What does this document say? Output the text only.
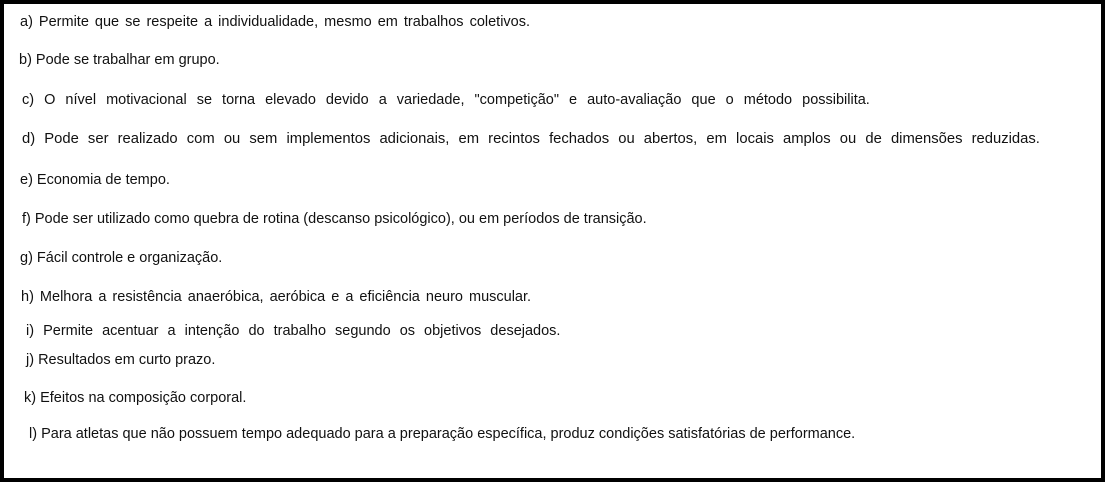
a) Permite que se respeite a individualidade, mesmo em trabalhos coletivos.

b) Pode se trabalhar em grupo.

c) O nível motivacional se torna elevado devido a variedade, "competição" e auto-avaliação que o método possibilita.

d) Pode ser realizado com ou sem implementos adicionais, em recintos fechados ou abertos, em locais amplos ou de dimensões reduzidas.

e) Economia de tempo.

f) Pode ser utilizado como quebra de rotina (descanso psicológico), ou em períodos de transição.

g) Fácil controle e organização.

h) Melhora a resistência anaeróbica, aeróbica e a eficiência neuro muscular.

i) Permite acentuar a intenção do trabalho segundo os objetivos desejados.

j) Resultados em curto prazo.

k) Efeitos na composição corporal.

l) Para atletas que não possuem tempo adequado para a preparação específica, produz condições satisfatórias de performance.
